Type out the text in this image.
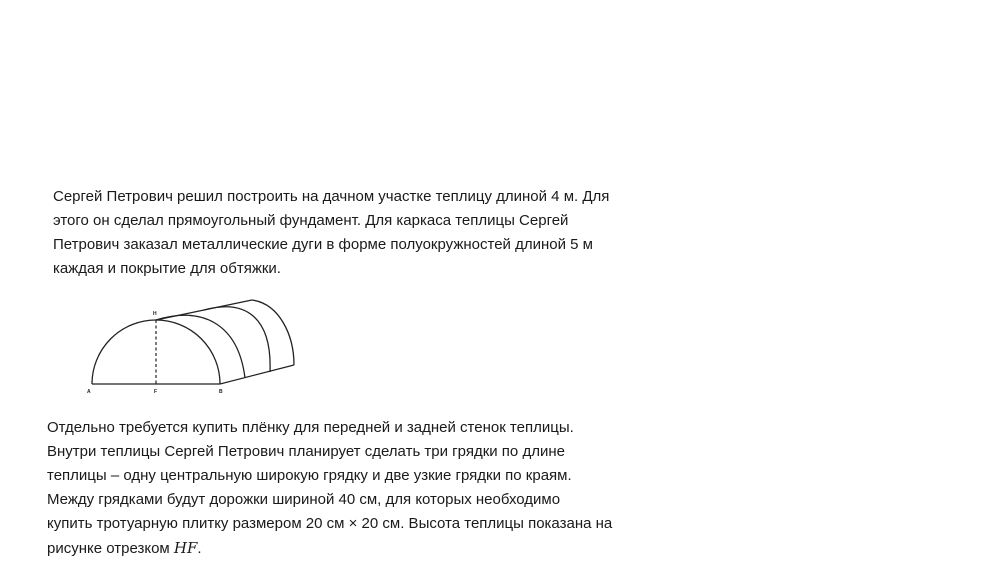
Сергей Петрович решил построить на дачном участке теплицу длиной 4 м. Для
этого он сделал прямоугольный фундамент. Для каркаса теплицы Сергей
Петрович заказал металлические дуги в форме полуокружностей длиной 5 м
каждая и покрытие для обтяжки.
H
A	F	B
Отдельно требуется купить плёнку для передней и задней стенок теплицы.
Внутри теплицы Сергей Петрович планирует сделать три грядки по длине
теплицы – одну центральную широкую грядку и две узкие грядки по краям.
Между грядками будут дорожки шириной 40 см, для которых необходимо
купить тротуарную плитку размером 20 см × 20 см. Высота теплицы показана на
рисунке отрезком HF.
